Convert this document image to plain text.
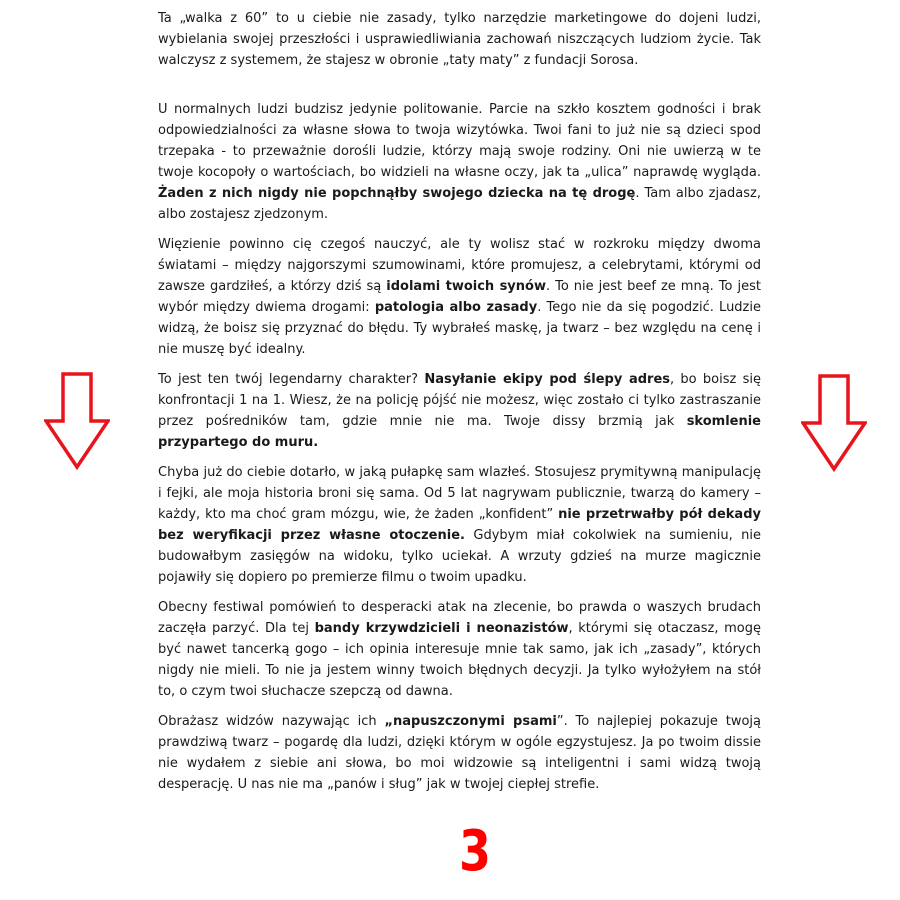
Ta „walka z 60” to u ciebie nie zasady, tylko narzędzie marketingowe do dojeni ludzi, wybielania swojej przeszłości i usprawiedliwiania zachowań niszczących ludziom życie. Tak walczysz z systemem, że stajesz w obronie „taty maty” z fundacji Sorosa.

U normalnych ludzi budzisz jedynie politowanie. Parcie na szkło kosztem godności i brak odpowiedzialności za własne słowa to twoja wizytówka. Twoi fani to już nie są dzieci spod trzepaka - to przeważnie dorośli ludzie, którzy mają swoje rodziny. Oni nie uwierzą w te twoje kocopoły o wartościach, bo widzieli na własne oczy, jak ta „ulica” naprawdę wygląda. Żaden z nich nigdy nie popchnąłby swojego dziecka na tę drogę. Tam albo zjadasz, albo zostajesz zjedzonym.

Więzienie powinno cię czegoś nauczyć, ale ty wolisz stać w rozkroku między dwoma światami – między najgorszymi szumowinami, które promujesz, a celebrytami, którymi od zawsze gardziłeś, a którzy dziś są idolami twoich synów. To nie jest beef ze mną. To jest wybór między dwiema drogami: patologia albo zasady. Tego nie da się pogodzić. Ludzie widzą, że boisz się przyznać do błędu. Ty wybrałeś maskę, ja twarz – bez względu na cenę i nie muszę być idealny.

To jest ten twój legendarny charakter? Nasyłanie ekipy pod ślepy adres, bo boisz się konfrontacji 1 na 1. Wiesz, że na policję pójść nie możesz, więc zostało ci tylko zastraszanie przez pośredników tam, gdzie mnie nie ma. Twoje dissy brzmią jak skomlenie przypartego do muru.

Chyba już do ciebie dotarło, w jaką pułapkę sam wlazłeś. Stosujesz prymitywną manipulację i fejki, ale moja historia broni się sama. Od 5 lat nagrywam publicznie, twarzą do kamery – każdy, kto ma choć gram mózgu, wie, że żaden „konfident” nie przetrwałby pół dekady bez weryfikacji przez własne otoczenie. Gdybym miał cokolwiek na sumieniu, nie budowałbym zasięgów na widoku, tylko uciekał. A wrzuty gdzieś na murze magicznie pojawiły się dopiero po premierze filmu o twoim upadku.

Obecny festiwal pomówień to desperacki atak na zlecenie, bo prawda o waszych brudach zaczęła parzyć. Dla tej bandy krzywdzicieli i neonazistów, którymi się otaczasz, mogę być nawet tancerką gogo – ich opinia interesuje mnie tak samo, jak ich „zasady”, których nigdy nie mieli. To nie ja jestem winny twoich błędnych decyzji. Ja tylko wyłożyłem na stół to, o czym twoi słuchacze szepczą od dawna.

Obrażasz widzów nazywając ich „napuszczonymi psami”. To najlepiej pokazuje twoją prawdziwą twarz – pogardę dla ludzi, dzięki którym w ogóle egzystujesz. Ja po twoim dissie nie wydałem z siebie ani słowa, bo moi widzowie są inteligentni i sami widzą twoją desperację. U nas nie ma „panów i sług” jak w twojej ciepłej strefie.

3
